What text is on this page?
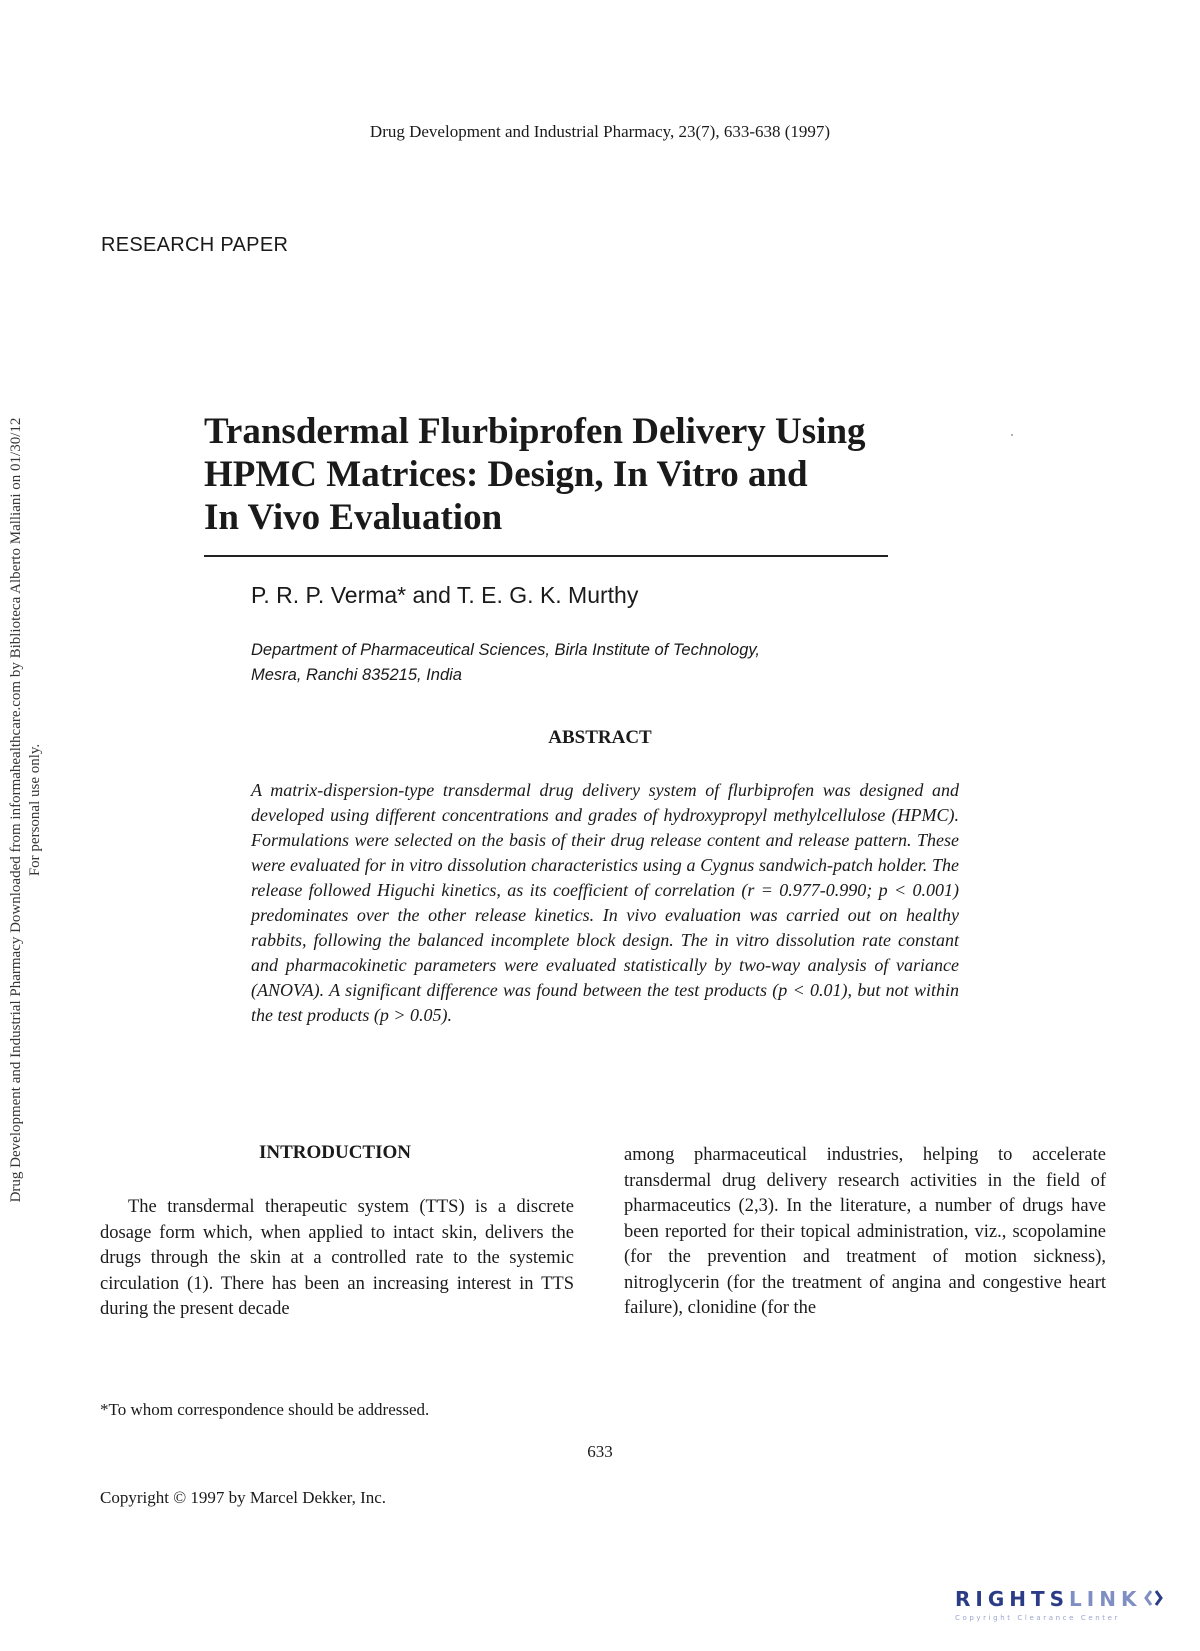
Drug Development and Industrial Pharmacy, 23(7), 633-638 (1997)
RESEARCH PAPER
Drug Development and Industrial Pharmacy Downloaded from informahealthcare.com by Biblioteca Alberto Malliani on 01/30/12 For personal use only.
Transdermal Flurbiprofen Delivery Using
HPMC Matrices: Design, In Vitro and
In Vivo Evaluation
P. R. P. Verma* and T. E. G. K. Murthy
Department of Pharmaceutical Sciences, Birla Institute of Technology,
Mesra, Ranchi 835215, India
ABSTRACT

A matrix-dispersion-type transdermal drug delivery system of flurbiprofen was designed and developed using different concentrations and grades of hydroxypropyl methylcellulose (HPMC). Formulations were selected on the basis of their drug release content and release pattern. These were evaluated for in vitro dissolution characteristics using a Cygnus sandwich-patch holder. The release followed Higuchi kinetics, as its coefficient of correlation (r = 0.977-0.990; p < 0.001) predominates over the other release kinetics. In vivo evaluation was carried out on healthy rabbits, following the balanced incomplete block design. The in vitro dissolution rate constant and pharmacokinetic parameters were evaluated statistically by two-way analysis of variance (ANOVA). A significant difference was found between the test products (p < 0.01), but not within the test products (p > 0.05).

INTRODUCTION

The transdermal therapeutic system (TTS) is a discrete dosage form which, when applied to intact skin, delivers the drugs through the skin at a controlled rate to the systemic circulation (1). There has been an increasing interest in TTS during the present decade

among pharmaceutical industries, helping to accelerate transdermal drug delivery research activities in the field of pharmaceutics (2,3). In the literature, a number of drugs have been reported for their topical administration, viz., scopolamine (for the prevention and treatment of motion sickness), nitroglycerin (for the treatment of angina and congestive heart failure), clonidine (for the

*To whom correspondence should be addressed.
633
Copyright © 1997 by Marcel Dekker, Inc.
RIGHTSLINK
Copyright Clearance Center
